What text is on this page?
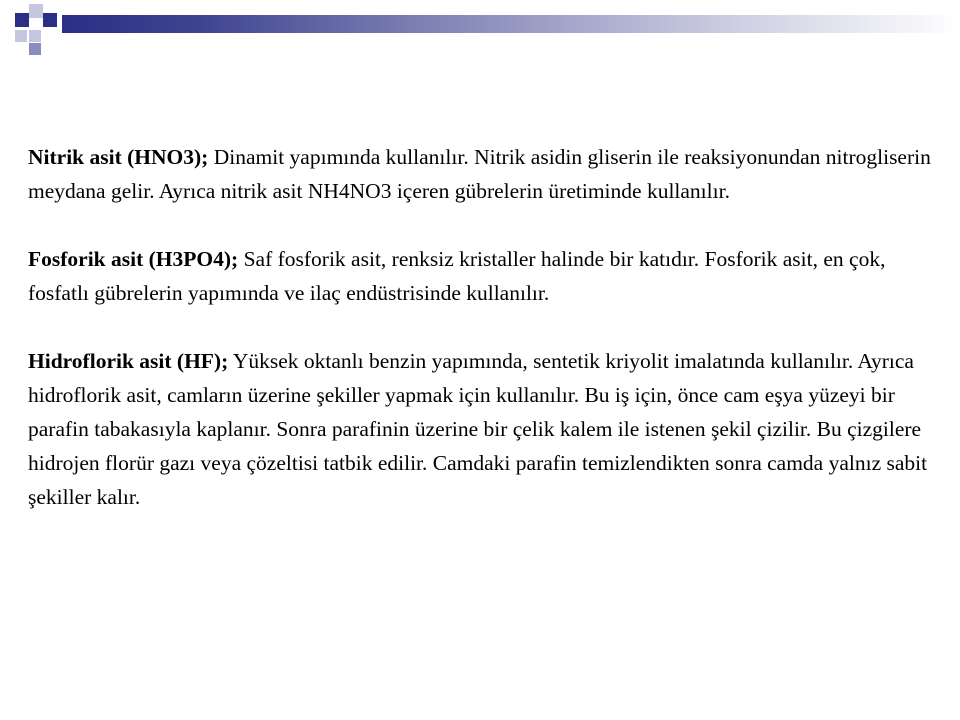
Nitrik asit (HNO3); Dinamit yapımında kullanılır. Nitrik asidin gliserin ile reaksiyonundan nitrogliserin meydana gelir. Ayrıca nitrik asit NH4NO3 içeren gübrelerin üretiminde kullanılır.

Fosforik asit (H3PO4); Saf fosforik asit, renksiz kristaller halinde bir katıdır. Fosforik asit, en çok, fosfatlı gübrelerin yapımında ve ilaç endüstrisinde kullanılır.

Hidroflorik asit (HF); Yüksek oktanlı benzin yapımında, sentetik kriyolit imalatında kullanılır. Ayrıca hidroflorik asit, camların üzerine şekiller yapmak için kullanılır. Bu iş için, önce cam eşya yüzeyi bir parafin tabakasıyla kaplanır. Sonra parafinin üzerine bir çelik kalem ile istenen şekil çizilir. Bu çizgilere hidrojen florür gazı veya çözeltisi tatbik edilir. Camdaki parafin temizlendikten sonra camda yalnız sabit şekiller kalır.
